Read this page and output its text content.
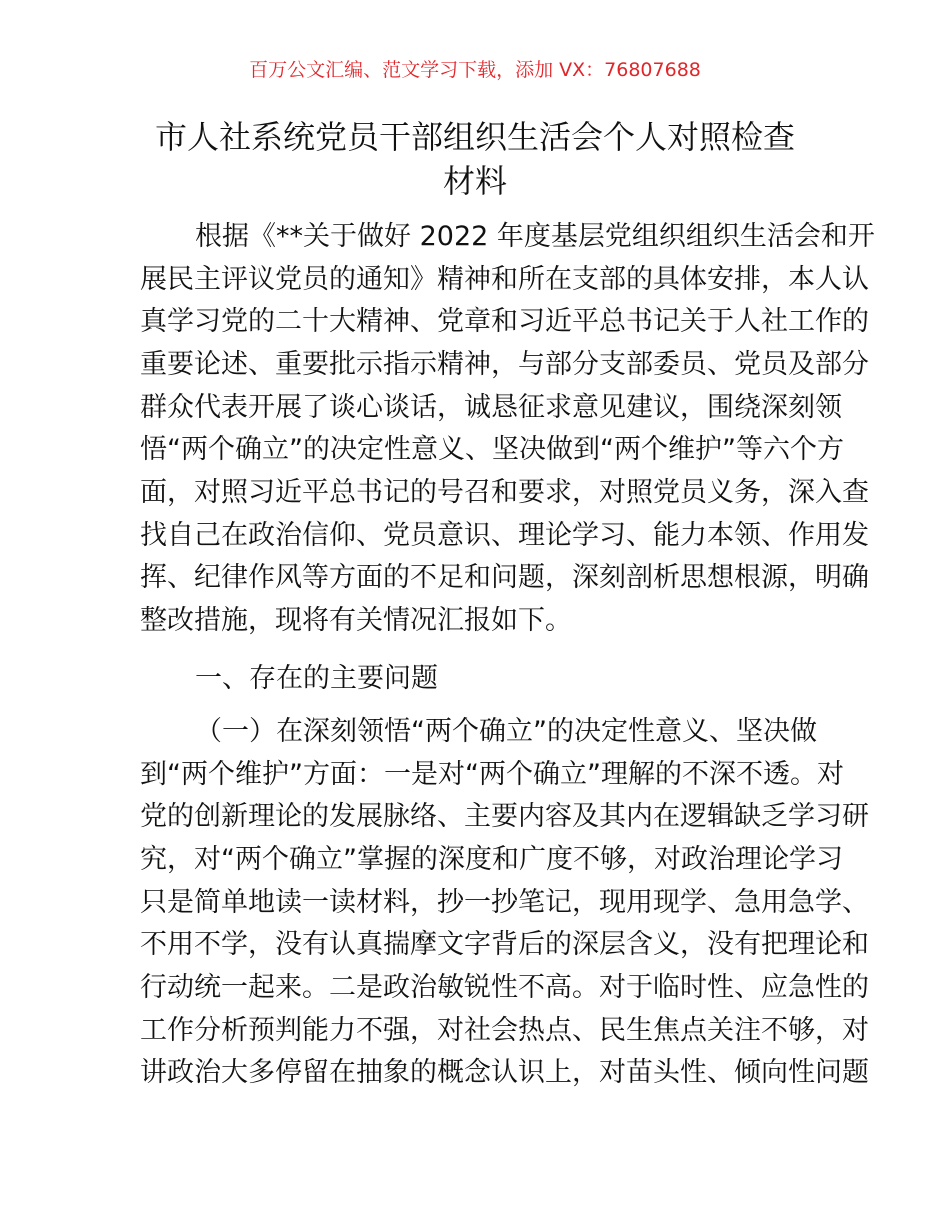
百万公文汇编、范文学习下载，添加 VX：76807688
市人社系统党员干部组织生活会个人对照检查
材料
根据《**关于做好 2022 年度基层党组织组织生活会和开
展民主评议党员的通知》精神和所在支部的具体安排，本人认
真学习党的二十大精神、党章和习近平总书记关于人社工作的
重要论述、重要批示指示精神，与部分支部委员、党员及部分
群众代表开展了谈心谈话，诚恳征求意见建议，围绕深刻领
悟“两个确立”的决定性意义、坚决做到“两个维护”等六个方
面，对照习近平总书记的号召和要求，对照党员义务，深入查
找自己在政治信仰、党员意识、理论学习、能力本领、作用发
挥、纪律作风等方面的不足和问题，深刻剖析思想根源，明确
整改措施，现将有关情况汇报如下。
一、存在的主要问题
（一）在深刻领悟“两个确立”的决定性意义、坚决做
到“两个维护”方面：一是对“两个确立”理解的不深不透。对
党的创新理论的发展脉络、主要内容及其内在逻辑缺乏学习研
究，对“两个确立”掌握的深度和广度不够，对政治理论学习
只是简单地读一读材料，抄一抄笔记，现用现学、急用急学、
不用不学，没有认真揣摩文字背后的深层含义，没有把理论和
行动统一起来。二是政治敏锐性不高。对于临时性、应急性的
工作分析预判能力不强，对社会热点、民生焦点关注不够，对
讲政治大多停留在抽象的概念认识上，对苗头性、倾向性问题
